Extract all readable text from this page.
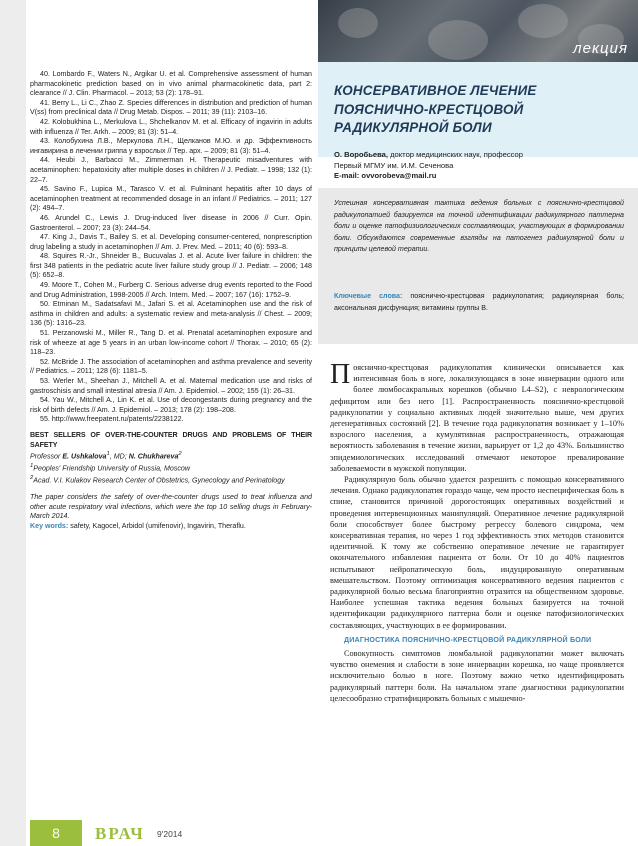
40. Lombardo F., Waters N., Argikar U. et al. Comprehensive assessment of human pharmacokinetic prediction based on in vivo animal pharmacokinetic data, part 2: clearance // J. Clin. Pharmacol. – 2013; 53 (2): 178–91.
41. Berry L., Li C., Zhao Z. Species differences in distribution and prediction of human V(ss) from preclinical data // Drug Metab. Dispos. – 2011; 39 (11): 2103–16.
42. Kolobukhina L., Merkulova L., Shchelkanov M. et al. Efficacy of ingavirin in adults with influenza // Ter. Arkh. – 2009; 81 (3): 51–4.
43. Колобухина Л.В., Меркулова Л.Н., Щелканов М.Ю. и др. Эффективность ингавирина в лечении гриппа у взрослых // Тер. арх. – 2009; 81 (3): 51–4.
44. Heubi J., Barbacci M., Zimmerman H. Therapeutic misadventures with acetaminophen: hepatoxicity after multiple doses in children // J. Pediatr. – 1998; 132 (1): 22–7.
45. Savino F., Lupica M., Tarasco V. et al. Fulminant hepatitis after 10 days of acetaminophen treatment at recommended dosage in an infant // Pediatrics. – 2011; 127 (2): 494–7.
46. Arundel C., Lewis J. Drug-induced liver disease in 2006 // Curr. Opin. Gastroenterol. – 2007; 23 (3): 244–54.
47. King J., Davis T., Bailey S. et al. Developing consumer-centered, nonprescription drug labeling a study in acetaminophen // Am. J. Prev. Med. – 2011; 40 (6): 593–8.
48. Squires R.-Jr., Shneider B., Bucuvalas J. et al. Acute liver failure in children: the first 348 patients in the pediatric acute liver failure study group // J. Pediatr. – 2006; 148 (5): 652–8.
49. Moore T., Cohen M., Furberg C. Serious adverse drug events reported to the Food and Drug Administration, 1998-2005 // Arch. Intern. Med. – 2007; 167 (16): 1752–9.
50. Etminan M., Sadatsafavi M., Jafari S. et al. Acetaminophen use and the risk of asthma in children and adults: a systematic review and meta-analysis // Chest. – 2009; 136 (5): 1316–23.
51. Perzanowski M., Miller R., Tang D. et al. Prenatal acetaminophen exposure and risk of wheeze at age 5 years in an urban low-income cohort // Thorax. – 2010; 65 (2): 118–23.
52. McBride J. The association of acetaminophen and asthma prevalence and severity // Pediatrics. – 2011; 128 (6): 1181–5.
53. Werler M., Sheehan J., Mitchell A. et al. Maternal medication use and risks of gastroschisis and small intestinal atresia // Am. J. Epidemiol. – 2002; 155 (1): 26–31.
54. Yau W., Mitchell A., Lin K. et al. Use of decongestants during pregnancy and the risk of birth defects // Am. J. Epidemiol. – 2013; 178 (2): 198–208.
55. http://www.freepatent.ru/patents/2238122.
BEST SELLERS OF OVER-THE-COUNTER DRUGS AND PROBLEMS OF THEIR SAFETY
Professor E. Ushkalova$^1$, MD; N. Chukhareva$^2$
$^1$Peoples' Friendship University of Russia, Moscow
$^2$Acad. V.I. Kulakov Research Center of Obstetrics, Gynecology and Perinatology
The paper considers the safety of over-the-counter drugs used to treat influenza and other acute respiratory viral infections, which were the top 10 selling drugs in February-March 2014.
Key words: safety, Kagocel, Arbidol (umifenovir), Ingavirin, Theraflu.
лекция
КОНСЕРВАТИВНОЕ ЛЕЧЕНИЕ
ПОЯСНИЧНО-КРЕСТЦОВОЙ
РАДИКУЛЯРНОЙ БОЛИ
О. Воробьева, доктор медицинских наук, профессор
Первый МГМУ им. И.М. Сеченова
E-mail: ovvorobeva@mail.ru
Успешная консервативная тактика ведения больных с пояснично-крестцовой радикулопатией базируется на точной идентификации радикулярного паттерна боли и оценке патофизиологических составляющих, участвующих в формировании боли. Обсуждаются современные взгляды на патогенез радикулярной боли и принципы целевой терапии.
Ключевые слова: пояснично-крестцовая радикулопатия; радикулярная боль; аксональная дисфункция; витамины группы В.

Пояснично-крестцовая радикулопатия клинически описывается как интенсивная боль в ноге, локализующаяся в зоне иннервации одного или более люмбосакральных корешков (обычно L4–S2), с неврологическим дефицитом или без него [1]. Распространенность пояснично-крестцовой радикулопатии у социально активных людей значительно выше, чем других дегенеративных состояний [2]. В течение года радикулопатия возникает у 1–10% взрослого населения, а кумулятивная распространенность, отражающая вероятность заболевания в течение жизни, варьирует от 1,2 до 43%. Большинство эпидемиологических исследований отмечают некоторое превалирование заболеваемости в мужской популяции.

Радикулярную боль обычно удается разрешить с помощью консервативного лечения. Однако радикулопатия гораздо чаще, чем просто неспецифическая боль в спине, становится причиной дорогостоящих оперативных воздействий и проведения интервенционных манипуляций. Оперативное лечение радикулярной боли способствует более быстрому регрессу болевого синдрома, чем консервативная терапия, но через 1 год эффективность этих методов становится идентичной. К тому же собственно оперативное лечение не гарантирует окончательного избавления пациента от боли. От 10 до 40% пациентов испытывают нейропатическую боль, индуцированную оперативным вмешательством. Поэтому оптимизация консервативного ведения пациентов с радикулярной болью весьма благоприятно отразится на общественном здоровье. Наиболее успешная тактика ведения больных базируется на точной идентификации радикулярного паттерна боли и оценке патофизиологических составляющих, участвующих в ее формировании.

ДИАГНОСТИКА ПОЯСНИЧНО-КРЕСТЦОВОЙ РАДИКУЛЯРНОЙ БОЛИ

Совокупность симптомов люмбальной радикулопатии может включать чувство онемения и слабости в зоне иннервации корешка, но чаще проявляется исключительно болью в ноге. Поэтому важно четко идентифицировать радикулярный паттерн боли. На начальном этапе диагностики радикулопатии целесообразно стратифицировать больных с мышечно-

8	ВРАЧ 9'2014
